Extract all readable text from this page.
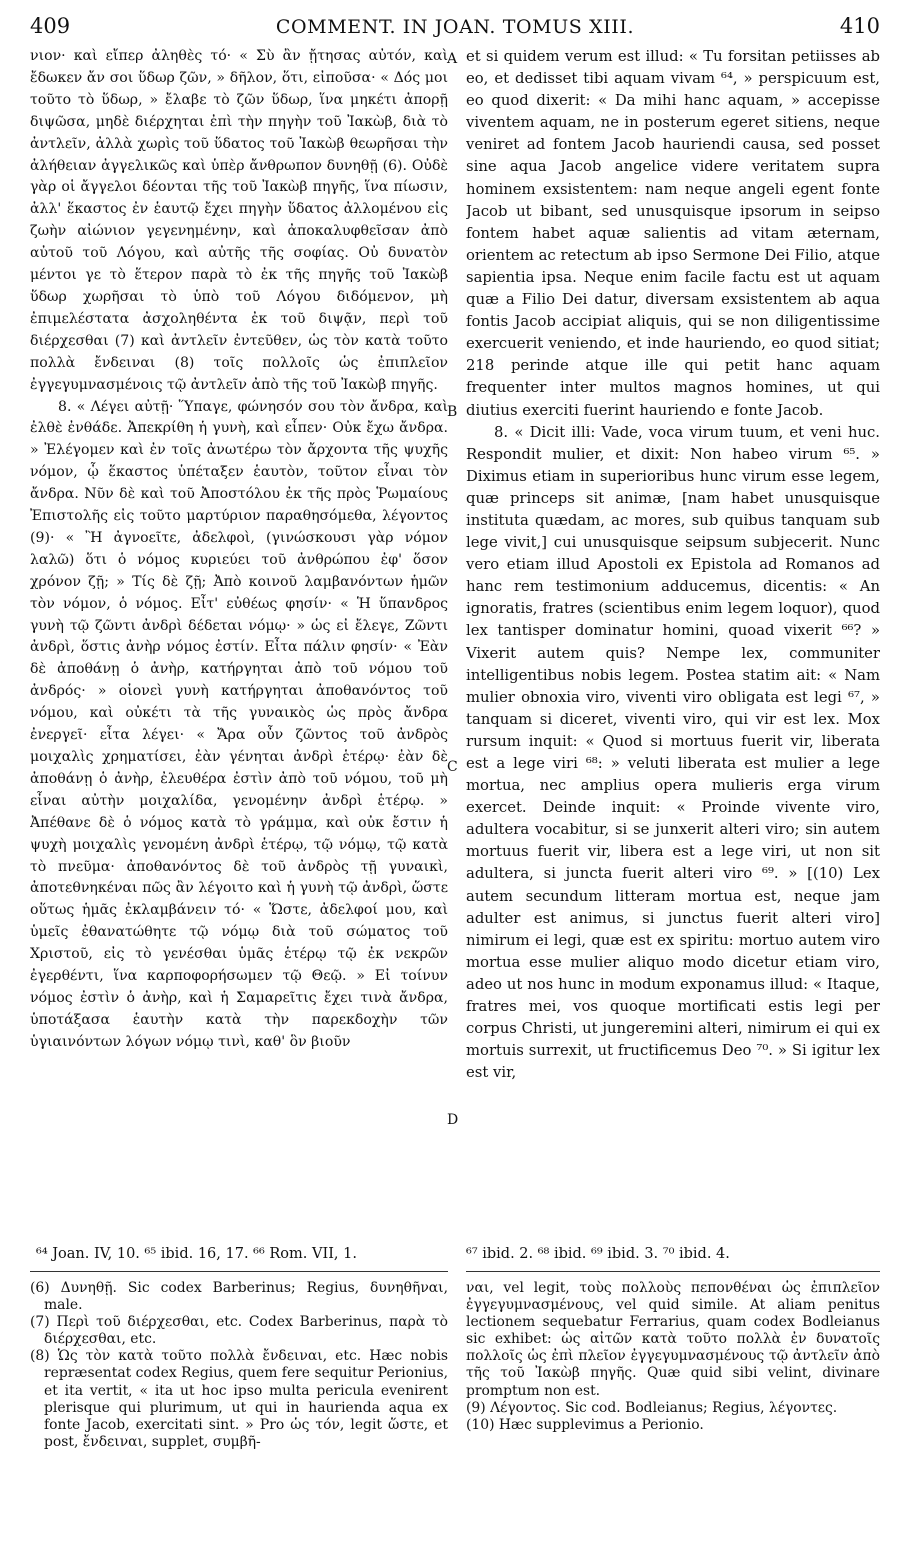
409	COMMENT. IN JOAN. TOMUS XIII.	410

νιον· καὶ εἴπερ ἀληθὲς τό· « Σὺ ἂν ᾔτησας αὐτόν, καὶ ἔδωκεν ἄν σοι ὕδωρ ζῶν, » δῆλον, ὅτι, εἰποῦσα· « Δός μοι τοῦτο τὸ ὕδωρ, » ἔλαβε τὸ ζῶν ὕδωρ, ἵνα μηκέτι ἀπορῇ διψῶσα, μηδὲ διέρχηται ἐπὶ τὴν πηγὴν τοῦ Ἰακὼβ, διὰ τὸ ἀντλεῖν, ἀλλὰ χωρὶς τοῦ ὕδατος τοῦ Ἰακὼβ θεωρῆσαι τὴν ἀλήθειαν ἀγγελικῶς καὶ ὑπὲρ ἄνθρωπον δυνηθῇ (6). Οὐδὲ γὰρ οἱ ἄγγελοι δέονται τῆς τοῦ Ἰακὼβ πηγῆς, ἵνα πίωσιν, ἀλλ' ἕκαστος ἐν ἑαυτῷ ἔχει πηγὴν ὕδατος ἀλλομένου εἰς ζωὴν αἰώνιον γεγενημένην, καὶ ἀποκαλυφθεῖσαν ἀπὸ αὐτοῦ τοῦ Λόγου, καὶ αὐτῆς τῆς σοφίας. Οὐ δυνατὸν μέντοι γε τὸ ἕτερον παρὰ τὸ ἐκ τῆς πηγῆς τοῦ Ἰακὼβ ὕδωρ χωρῆσαι τὸ ὑπὸ τοῦ Λόγου διδόμενον, μὴ ἐπιμελέστατα ἀσχοληθέντα ἐκ τοῦ διψᾷν, περὶ τοῦ διέρχεσθαι (7) καὶ ἀντλεῖν ἐντεῦθεν, ὡς τὸν κατὰ τοῦτο πολλὰ ἔνδειναι (8) τοῖς πολλοῖς ὡς ἐπιπλεῖον ἐγγεγυμνασμένοις τῷ ἀντλεῖν ἀπὸ τῆς τοῦ Ἰακὼβ πηγῆς.

8. « Λέγει αὐτῇ· Ὕπαγε, φώνησόν σου τὸν ἄνδρα, καὶ ἐλθὲ ἐνθάδε. Ἀπεκρίθη ἡ γυνὴ, καὶ εἶπεν· Οὐκ ἔχω ἄνδρα. » Ἐλέγομεν καὶ ἐν τοῖς ἀνωτέρω τὸν ἄρχοντα τῆς ψυχῆς νόμον, ᾧ ἕκαστος ὑπέταξεν ἑαυτὸν, τοῦτον εἶναι τὸν ἄνδρα. Νῦν δὲ καὶ τοῦ Ἀποστόλου ἐκ τῆς πρὸς Ῥωμαίους Ἐπιστολῆς εἰς τοῦτο μαρτύριον παραθησόμεθα, λέγοντος (9)· « Ἢ ἀγνοεῖτε, ἀδελφοὶ, (γινώσκουσι γὰρ νόμον λαλῶ) ὅτι ὁ νόμος κυριεύει τοῦ ἀνθρώπου ἐφ' ὅσον χρόνον ζῇ; » Τίς δὲ ζῇ; Ἀπὸ κοινοῦ λαμβανόντων ἡμῶν τὸν νόμον, ὁ νόμος. Εἶτ' εὐθέως φησίν· « Ἡ ὕπανδρος γυνὴ τῷ ζῶντι ἀνδρὶ δέδεται νόμῳ· » ὡς εἰ ἔλεγε, Ζῶντι ἀνδρὶ, ὅστις ἀνὴρ νόμος ἐστίν. Εἶτα πάλιν φησίν· « Ἐὰν δὲ ἀποθάνῃ ὁ ἀνὴρ, κατήργηται ἀπὸ τοῦ νόμου τοῦ ἀνδρός· » οἱονεὶ γυνὴ κατήργηται ἀποθανόντος τοῦ νόμου, καὶ οὐκέτι τὰ τῆς γυναικὸς ὡς πρὸς ἄνδρα ἐνεργεῖ· εἶτα λέγει· « Ἄρα οὖν ζῶντος τοῦ ἀνδρὸς μοιχαλὶς χρηματίσει, ἐὰν γένηται ἀνδρὶ ἑτέρῳ· ἐὰν δὲ ἀποθάνῃ ὁ ἀνὴρ, ἐλευθέρα ἐστὶν ἀπὸ τοῦ νόμου, τοῦ μὴ εἶναι αὐτὴν μοιχαλίδα, γενομένην ἀνδρὶ ἑτέρῳ. » Ἀπέθανε δὲ ὁ νόμος κατὰ τὸ γράμμα, καὶ οὐκ ἔστιν ἡ ψυχὴ μοιχαλὶς γενομένη ἀνδρὶ ἑτέρῳ, τῷ νόμῳ, τῷ κατὰ τὸ πνεῦμα· ἀποθανόντος δὲ τοῦ ἀνδρὸς τῇ γυναικὶ, ἀποτεθνηκέναι πῶς ἂν λέγοιτο καὶ ἡ γυνὴ τῷ ἀνδρὶ, ὥστε οὕτως ἡμᾶς ἐκλαμβάνειν τό· « Ὥστε, ἀδελφοί μου, καὶ ὑμεῖς ἐθανατώθητε τῷ νόμῳ διὰ τοῦ σώματος τοῦ Χριστοῦ, εἰς τὸ γενέσθαι ὑμᾶς ἑτέρῳ τῷ ἐκ νεκρῶν ἐγερθέντι, ἵνα καρποφορήσωμεν τῷ Θεῷ. » Εἰ τοίνυν νόμος ἐστὶν ὁ ἀνὴρ, καὶ ἡ Σαμαρεῖτις ἔχει τινὰ ἄνδρα, ὑποτάξασα ἑαυτὴν κατὰ τὴν παρεκδοχὴν τῶν ὑγιαινόντων λόγων νόμῳ τινὶ, καθ' ὃν βιοῦν

A
B
C
D

et si quidem verum est illud: « Tu forsitan petiisses ab eo, et dedisset tibi aquam vivam ⁶⁴, » perspicuum est, eo quod dixerit: « Da mihi hanc aquam, » accepisse viventem aquam, ne in posterum egeret sitiens, neque veniret ad fontem Jacob hauriendi causa, sed posset sine aqua Jacob angelice videre veritatem supra hominem exsistentem: nam neque angeli egent fonte Jacob ut bibant, sed unusquisque ipsorum in seipso fontem habet aquæ salientis ad vitam æternam, orientem ac retectum ab ipso Sermone Dei Filio, atque sapientia ipsa. Neque enim facile factu est ut aquam quæ a Filio Dei datur, diversam exsistentem ab aqua fontis Jacob accipiat aliquis, qui se non diligentissime exercuerit veniendo, et inde hauriendo, eo quod sitiat; 218 perinde atque ille qui petit hanc aquam frequenter inter multos magnos homines, ut qui diutius exerciti fuerint hauriendo e fonte Jacob.

8. « Dicit illi: Vade, voca virum tuum, et veni huc. Respondit mulier, et dixit: Non habeo virum ⁶⁵. » Diximus etiam in superioribus hunc virum esse legem, quæ princeps sit animæ, [nam habet unusquisque instituta quædam, ac mores, sub quibus tanquam sub lege vivit,] cui unusquisque seipsum subjecerit. Nunc vero etiam illud Apostoli ex Epistola ad Romanos ad hanc rem testimonium adducemus, dicentis: « An ignoratis, fratres (scientibus enim legem loquor), quod lex tantisper dominatur homini, quoad vixerit ⁶⁶? » Vixerit autem quis? Nempe lex, communiter intelligentibus nobis legem. Postea statim ait: « Nam mulier obnoxia viro, viventi viro obligata est legi ⁶⁷, » tanquam si diceret, viventi viro, qui vir est lex. Mox rursum inquit: « Quod si mortuus fuerit vir, liberata est a lege viri ⁶⁸: » veluti liberata est mulier a lege mortua, nec amplius opera mulieris erga virum exercet. Deinde inquit: « Proinde vivente viro, adultera vocabitur, si se junxerit alteri viro; sin autem mortuus fuerit vir, libera est a lege viri, ut non sit adultera, si juncta fuerit alteri viro ⁶⁹. » [(10) Lex autem secundum litteram mortua est, neque jam adulter est animus, si junctus fuerit alteri viro] nimirum ei legi, quæ est ex spiritu: mortuo autem viro mortua esse mulier aliquo modo dicetur etiam viro, adeo ut nos hunc in modum exponamus illud: « Itaque, fratres mei, vos quoque mortificati estis legi per corpus Christi, ut jungeremini alteri, nimirum ei qui ex mortuis surrexit, ut fructificemus Deo ⁷⁰. » Si igitur lex est vir,

⁶⁴ Joan. IV, 10. ⁶⁵ ibid. 16, 17. ⁶⁶ Rom. VII, 1.	⁶⁷ ibid. 2. ⁶⁸ ibid. ⁶⁹ ibid. 3. ⁷⁰ ibid. 4.

(6) Δυνηθῇ. Sic codex Barberinus; Regius, δυνηθῆναι, male.

(7) Περὶ τοῦ διέρχεσθαι, etc. Codex Barberinus, παρὰ τὸ διέρχεσθαι, etc.

(8) Ὡς τὸν κατὰ τοῦτο πολλὰ ἔνδειναι, etc. Hæc nobis repræsentat codex Regius, quem fere sequitur Perionius, et ita vertit, « ita ut hoc ipso multa pericula evenirent plerisque qui plurimum, ut qui in haurienda aqua ex fonte Jacob, exercitati sint. » Pro ὡς τόν, legit ὥστε, et post, ἔνδειναι, supplet, συμβῆ-

ναι, vel legit, τοὺς πολλοὺς πεπονθέναι ὡς ἐπιπλεῖον ἐγγεγυμνασμένους, vel quid simile. At aliam penitus lectionem sequebatur Ferrarius, quam codex Bodleianus sic exhibet: ὡς αἰτῶν κατὰ τοῦτο πολλὰ ἐν δυνατοῖς πολλοῖς ὡς ἐπὶ πλεῖον ἐγγεγυμνασμένους τῷ ἀντλεῖν ἀπὸ τῆς τοῦ Ἰακὼβ πηγῆς. Quæ quid sibi velint, divinare promptum non est.

(9) Λέγοντος. Sic cod. Bodleianus; Regius, λέγοντες.

(10) Hæc supplevimus a Perionio.
